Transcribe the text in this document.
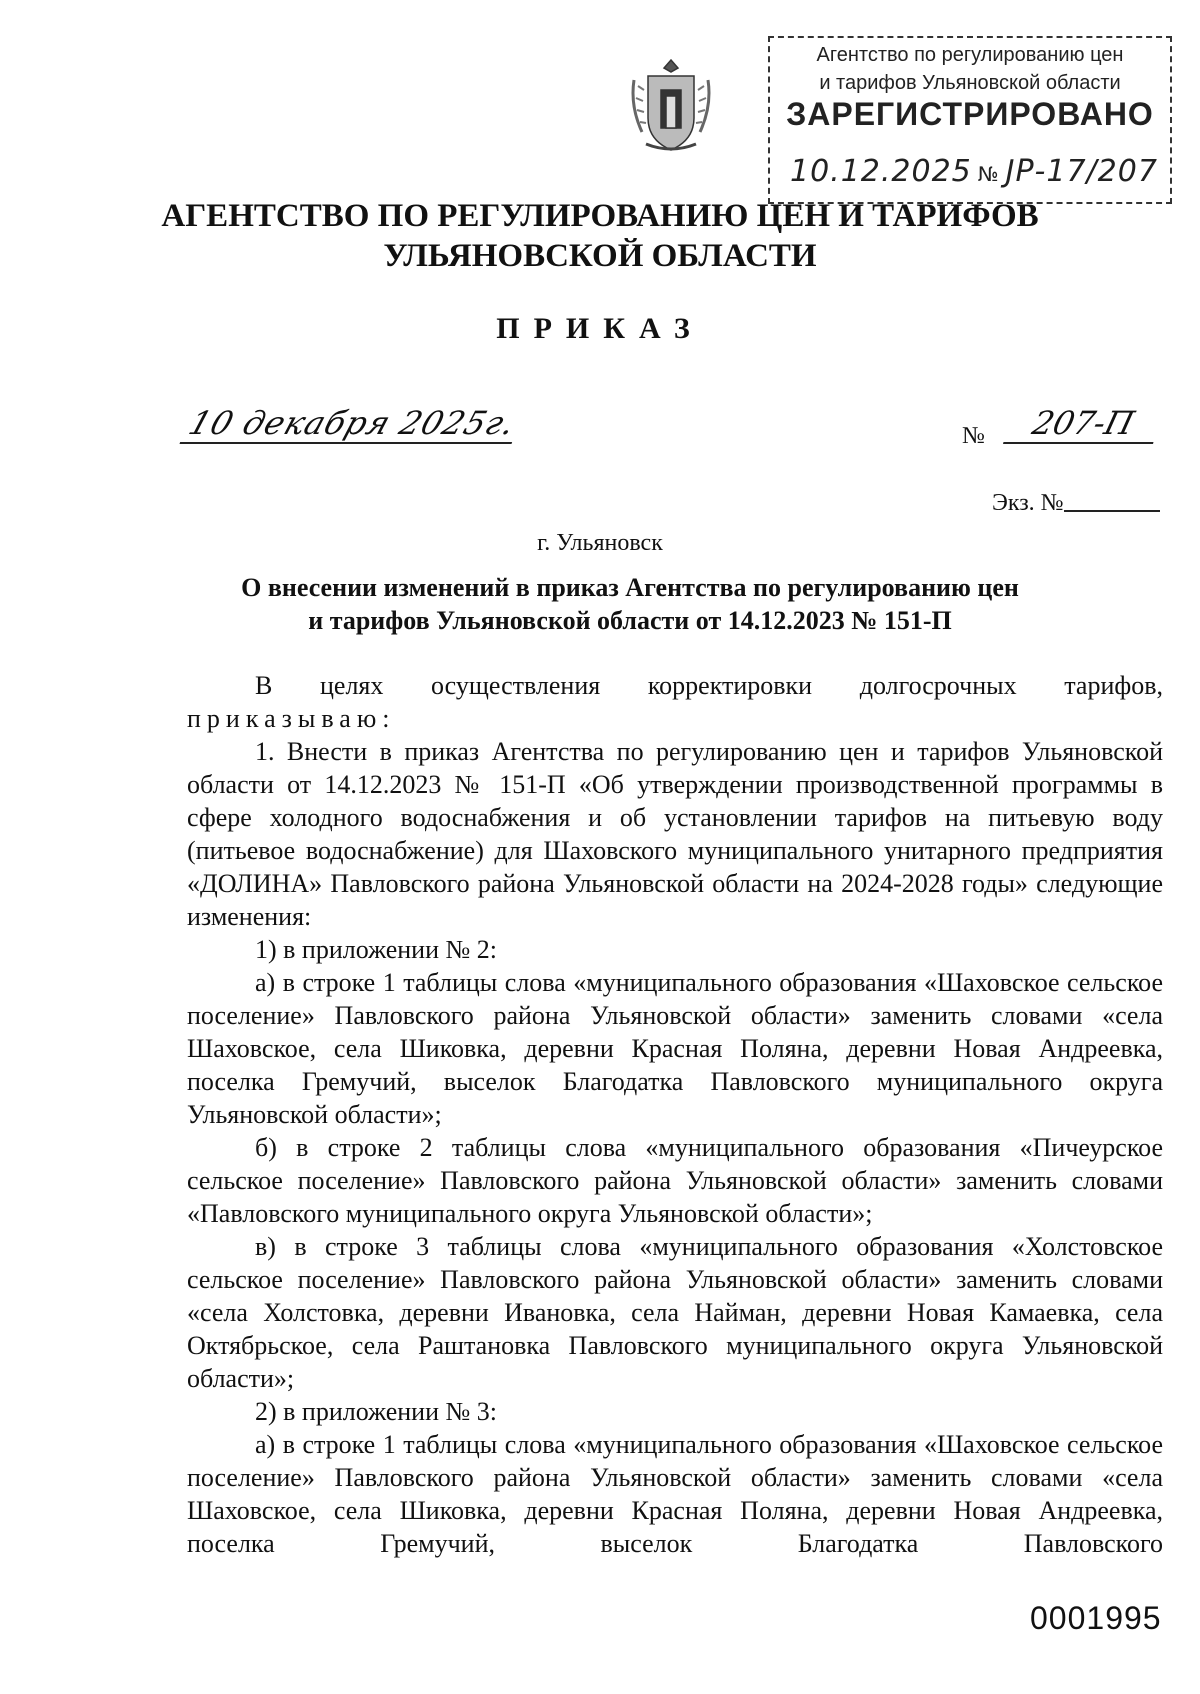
Агентство по регулированию цен
и тарифов Ульяновской области
ЗАРЕГИСТРИРОВАНО
10.12.2025 № ЈР-17/207
АГЕНТСТВО ПО РЕГУЛИРОВАНИЮ ЦЕН И ТАРИФОВ
УЛЬЯНОВСКОЙ ОБЛАСТИ
ПРИКАЗ
10 декабря 2025г.	№	207-П
Экз. №
г. Ульяновск
О внесении изменений в приказ Агентства по регулированию цен
и тарифов Ульяновской области от 14.12.2023 № 151-П

В целях осуществления корректировки долгосрочных тарифов,

приказываю:

1. Внести в приказ Агентства по регулированию цен и тарифов Ульяновской области от 14.12.2023 № 151-П «Об утверждении производственной программы в сфере холодного водоснабжения и об установлении тарифов на питьевую воду (питьевое водоснабжение) для Шаховского муниципального унитарного предприятия «ДОЛИНА» Павловского района Ульяновской области на 2024-2028 годы» следующие изменения:

1) в приложении № 2:

а) в строке 1 таблицы слова «муниципального образования «Шаховское сельское поселение» Павловского района Ульяновской области» заменить словами «села Шаховское, села Шиковка, деревни Красная Поляна, деревни Новая Андреевка, поселка Гремучий, выселок Благодатка Павловского муниципального округа Ульяновской области»;

б) в строке 2 таблицы слова «муниципального образования «Пичеурское сельское поселение» Павловского района Ульяновской области» заменить словами «Павловского муниципального округа Ульяновской области»;

в) в строке 3 таблицы слова «муниципального образования «Холстовское сельское поселение» Павловского района Ульяновской области» заменить словами «села Холстовка, деревни Ивановка, села Найман, деревни Новая Камаевка, села Октябрьское, села Раштановка Павловского муниципального округа Ульяновской области»;

2) в приложении № 3:

а) в строке 1 таблицы слова «муниципального образования «Шаховское сельское поселение» Павловского района Ульяновской области» заменить словами «села Шаховское, села Шиковка, деревни Красная Поляна, деревни Новая Андреевка, поселка Гремучий, выселок Благодатка Павловского

0001995
